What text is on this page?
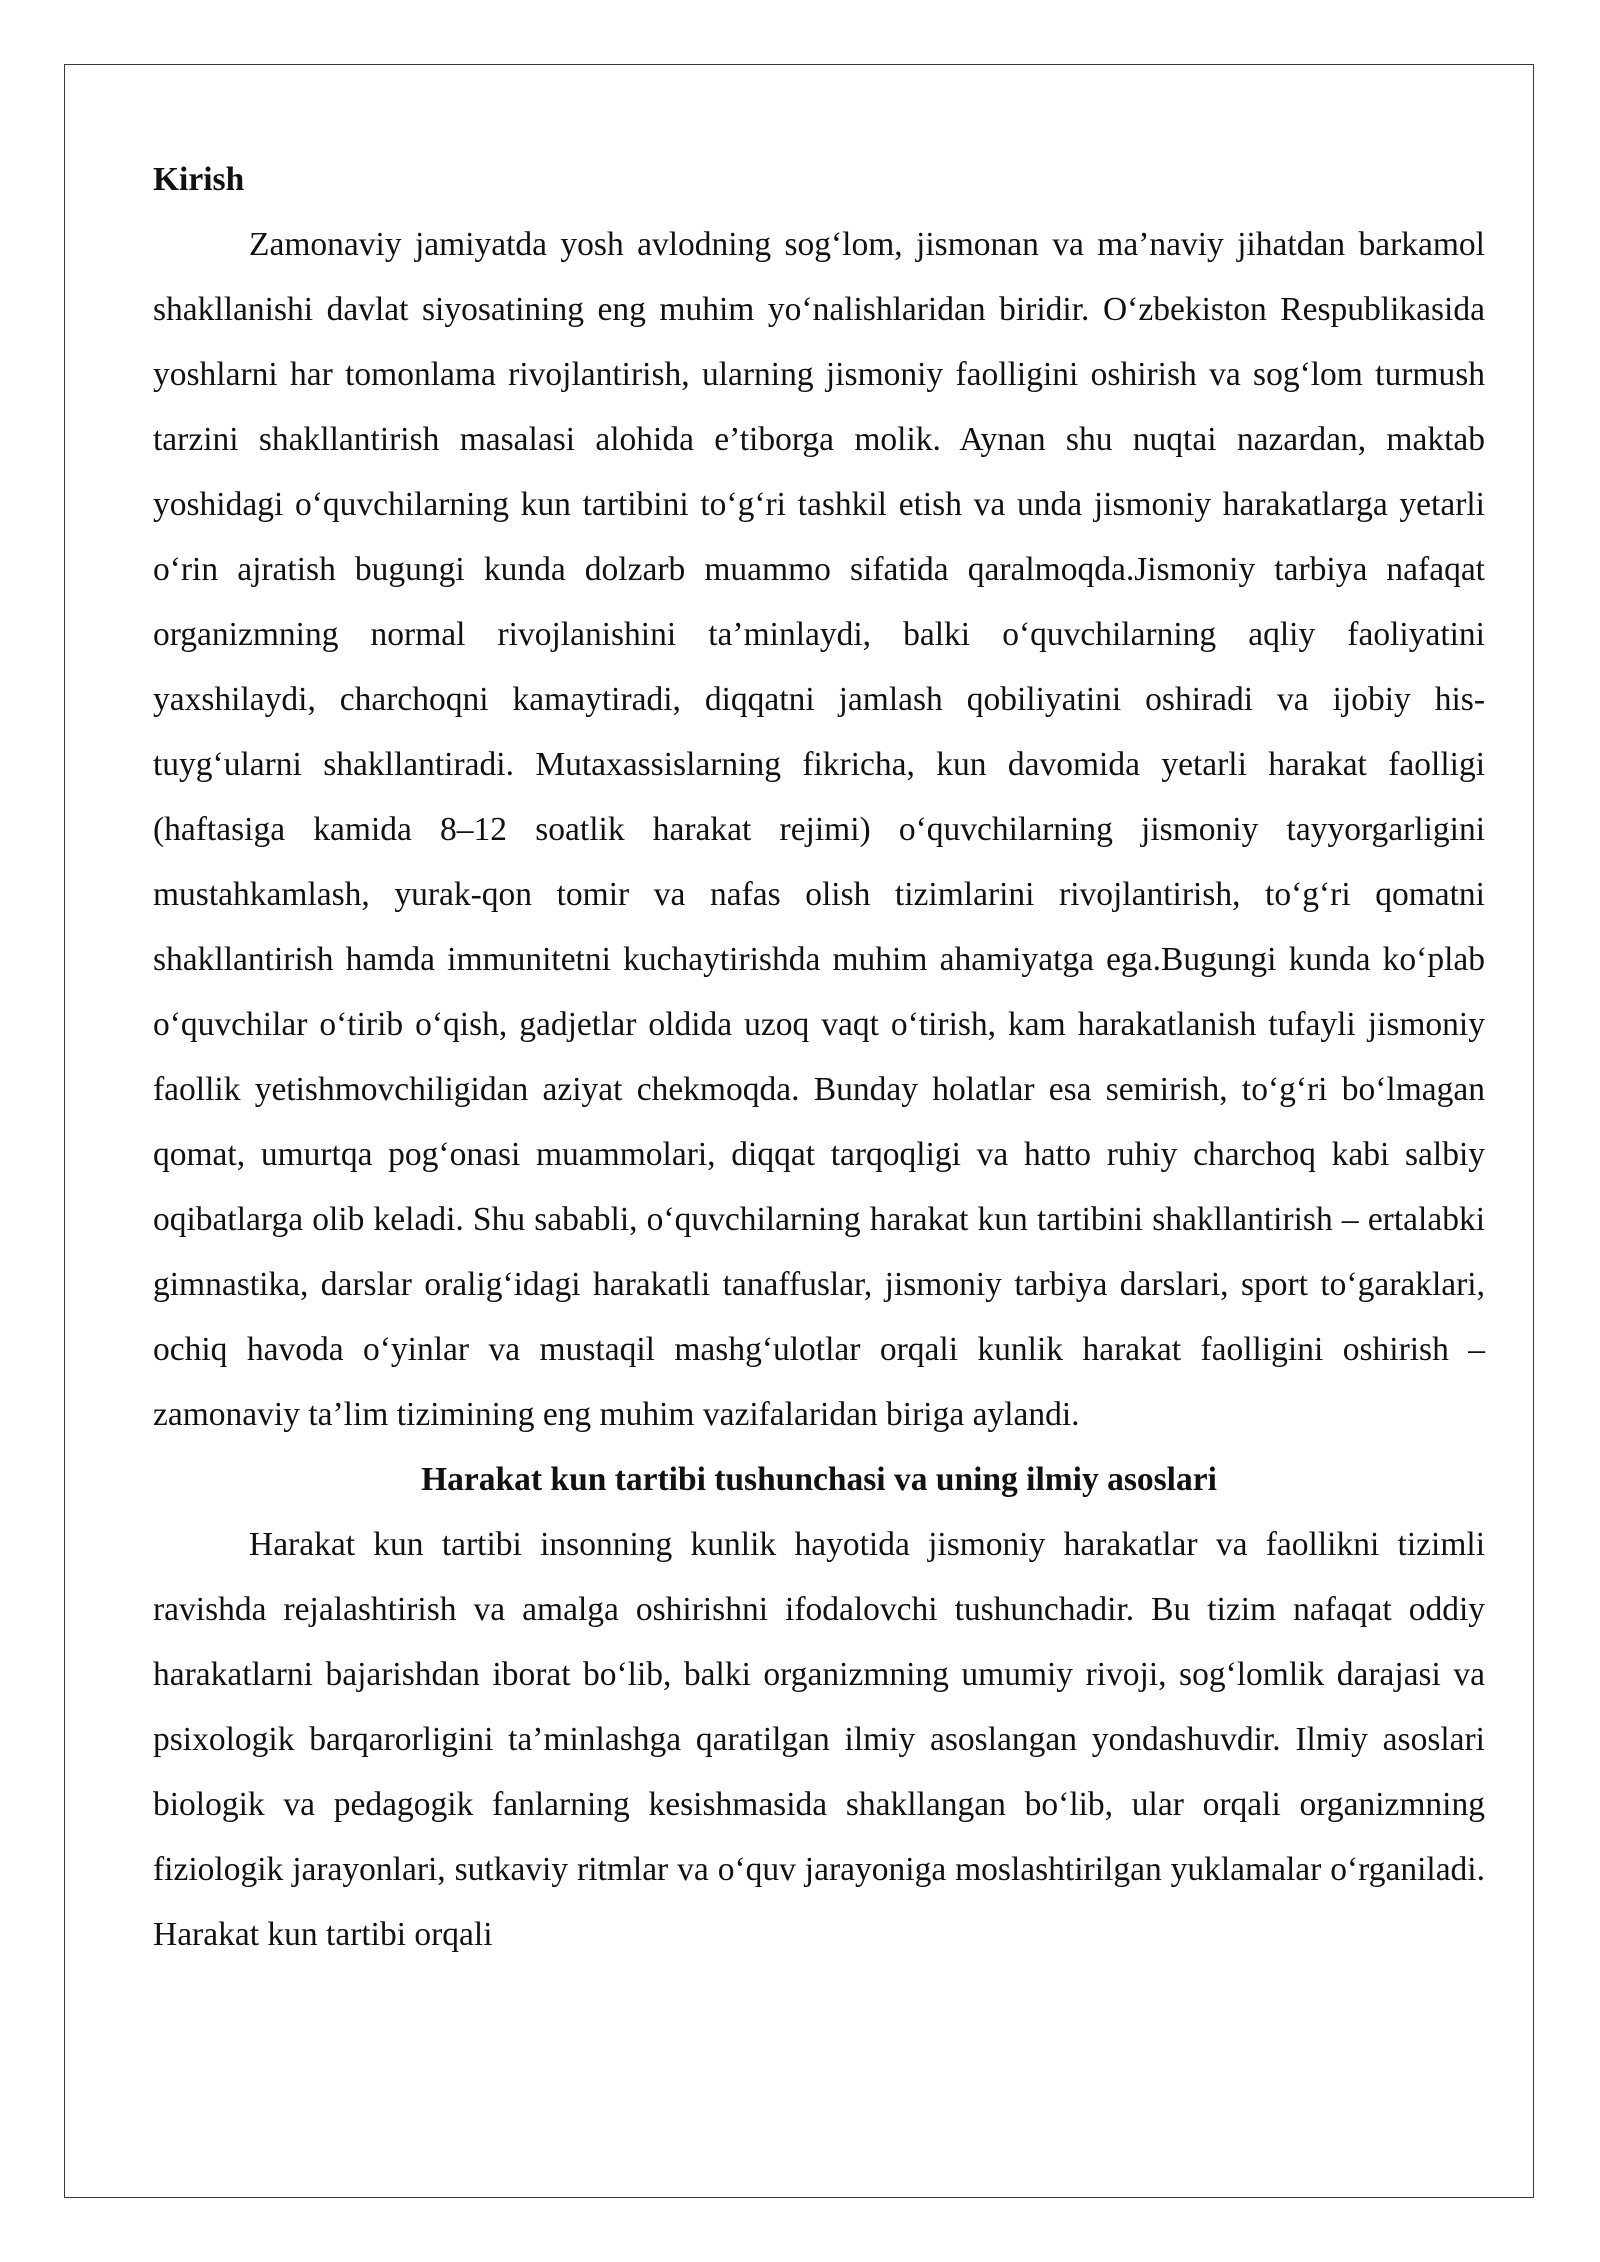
Kirish

Zamonaviy jamiyatda yosh avlodning sog‘lom, jismonan va ma’naviy jihatdan barkamol shakllanishi davlat siyosatining eng muhim yo‘nalishlaridan biridir. O‘zbekiston Respublikasida yoshlarni har tomonlama rivojlantirish, ularning jismoniy faolligini oshirish va sog‘lom turmush tarzini shakllantirish masalasi alohida e’tiborga molik. Aynan shu nuqtai nazardan, maktab yoshidagi o‘quvchilarning kun tartibini to‘g‘ri tashkil etish va unda jismoniy harakatlarga yetarli o‘rin ajratish bugungi kunda dolzarb muammo sifatida qaralmoqda.Jismoniy tarbiya nafaqat organizmning normal rivojlanishini ta’minlaydi, balki o‘quvchilarning aqliy faoliyatini yaxshilaydi, charchoqni kamaytiradi, diqqatni jamlash qobiliyatini oshiradi va ijobiy his-tuyg‘ularni shakllantiradi. Mutaxassislarning fikricha, kun davomida yetarli harakat faolligi (haftasiga kamida 8–12 soatlik harakat rejimi) o‘quvchilarning jismoniy tayyorgarligini mustahkamlash, yurak-qon tomir va nafas olish tizimlarini rivojlantirish, to‘g‘ri qomatni shakllantirish hamda immunitetni kuchaytirishda muhim ahamiyatga ega.Bugungi kunda ko‘plab o‘quvchilar o‘tirib o‘qish, gadjetlar oldida uzoq vaqt o‘tirish, kam harakatlanish tufayli jismoniy faollik yetishmovchiligidan aziyat chekmoqda. Bunday holatlar esa semirish, to‘g‘ri bo‘lmagan qomat, umurtqa pog‘onasi muammolari, diqqat tarqoqligi va hatto ruhiy charchoq kabi salbiy oqibatlarga olib keladi. Shu sababli, o‘quvchilarning harakat kun tartibini shakllantirish – ertalabki gimnastika, darslar oralig‘idagi harakatli tanaffuslar, jismoniy tarbiya darslari, sport to‘garaklari, ochiq havoda o‘yinlar va mustaqil mashg‘ulotlar orqali kunlik harakat faolligini oshirish – zamonaviy ta’lim tizimining eng muhim vazifalaridan biriga aylandi.

Harakat kun tartibi tushunchasi va uning ilmiy asoslari

Harakat kun tartibi insonning kunlik hayotida jismoniy harakatlar va faollikni tizimli ravishda rejalashtirish va amalga oshirishni ifodalovchi tushunchadir. Bu tizim nafaqat oddiy harakatlarni bajarishdan iborat bo‘lib, balki organizmning umumiy rivoji, sog‘lomlik darajasi va psixologik barqarorligini ta’minlashga qaratilgan ilmiy asoslangan yondashuvdir. Ilmiy asoslari biologik va pedagogik fanlarning kesishmasida shakllangan bo‘lib, ular orqali organizmning fiziologik jarayonlari, sutkaviy ritmlar va o‘quv jarayoniga moslashtirilgan yuklamalar o‘rganiladi. Harakat kun tartibi orqali
